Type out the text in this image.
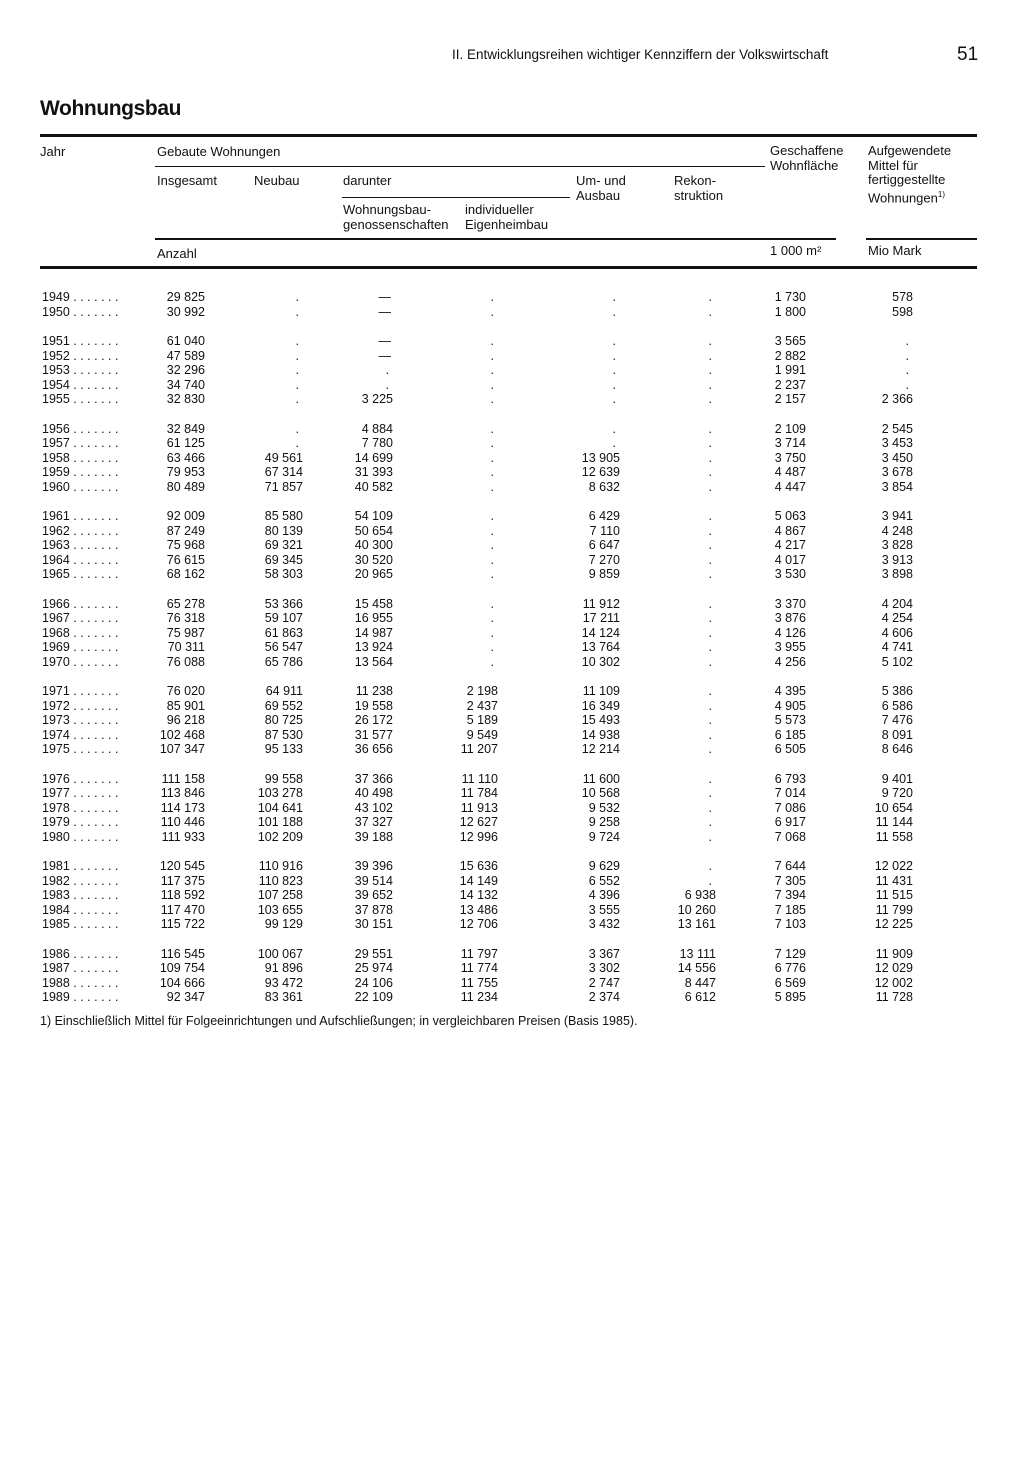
II. Entwicklungsreihen wichtiger Kennziffern der Volkswirtschaft	51
Wohnungsbau
Jahr	Gebaute Wohnungen
Insgesamt	Neubau	darunter
Wohnungsbau-
genossenschaften
individueller
Eigenheimbau
Um- und
Ausbau
Rekon-
struktion
Geschaffene
Wohnfläche
Aufgewendete
Mittel für
fertiggestellte
Wohnungen$^{1)}$
Anzahl	1 000 m²	Mio Mark
1949 . . . . . . .	29 825	.	—	.	.	.	1 730	578
1950 . . . . . . .	30 992	.	—	.	.	.	1 800	598
1951 . . . . . . .	61 040	.	—	.	.	.	3 565	.
1952 . . . . . . .	47 589	.	—	.	.	.	2 882	.
1953 . . . . . . .	32 296	.	.	.	.	.	1 991	.
1954 . . . . . . .	34 740	.	.	.	.	.	2 237	.
1955 . . . . . . .	32 830	.	3 225	.	.	.	2 157	2 366
1956 . . . . . . .	32 849	.	4 884	.	.	.	2 109	2 545
1957 . . . . . . .	61 125	.	7 780	.	.	.	3 714	3 453
1958 . . . . . . .	63 466	49 561	14 699	.	13 905	.	3 750	3 450
1959 . . . . . . .	79 953	67 314	31 393	.	12 639	.	4 487	3 678
1960 . . . . . . .	80 489	71 857	40 582	.	8 632	.	4 447	3 854
1961 . . . . . . .	92 009	85 580	54 109	.	6 429	.	5 063	3 941
1962 . . . . . . .	87 249	80 139	50 654	.	7 110	.	4 867	4 248
1963 . . . . . . .	75 968	69 321	40 300	.	6 647	.	4 217	3 828
1964 . . . . . . .	76 615	69 345	30 520	.	7 270	.	4 017	3 913
1965 . . . . . . .	68 162	58 303	20 965	.	9 859	.	3 530	3 898
1966 . . . . . . .	65 278	53 366	15 458	.	11 912	.	3 370	4 204
1967 . . . . . . .	76 318	59 107	16 955	.	17 211	.	3 876	4 254
1968 . . . . . . .	75 987	61 863	14 987	.	14 124	.	4 126	4 606
1969 . . . . . . .	70 311	56 547	13 924	.	13 764	.	3 955	4 741
1970 . . . . . . .	76 088	65 786	13 564	.	10 302	.	4 256	5 102
1971 . . . . . . .	76 020	64 911	11 238	2 198	11 109	.	4 395	5 386
1972 . . . . . . .	85 901	69 552	19 558	2 437	16 349	.	4 905	6 586
1973 . . . . . . .	96 218	80 725	26 172	5 189	15 493	.	5 573	7 476
1974 . . . . . . .	102 468	87 530	31 577	9 549	14 938	.	6 185	8 091
1975 . . . . . . .	107 347	95 133	36 656	11 207	12 214	.	6 505	8 646
1976 . . . . . . .	111 158	99 558	37 366	11 110	11 600	.	6 793	9 401
1977 . . . . . . .	113 846	103 278	40 498	11 784	10 568	.	7 014	9 720
1978 . . . . . . .	114 173	104 641	43 102	11 913	9 532	.	7 086	10 654
1979 . . . . . . .	110 446	101 188	37 327	12 627	9 258	.	6 917	11 144
1980 . . . . . . .	111 933	102 209	39 188	12 996	9 724	.	7 068	11 558
1981 . . . . . . .	120 545	110 916	39 396	15 636	9 629	.	7 644	12 022
1982 . . . . . . .	117 375	110 823	39 514	14 149	6 552	.	7 305	11 431
1983 . . . . . . .	118 592	107 258	39 652	14 132	4 396	6 938	7 394	11 515
1984 . . . . . . .	117 470	103 655	37 878	13 486	3 555	10 260	7 185	11 799
1985 . . . . . . .	115 722	99 129	30 151	12 706	3 432	13 161	7 103	12 225
1986 . . . . . . .	116 545	100 067	29 551	11 797	3 367	13 111	7 129	11 909
1987 . . . . . . .	109 754	91 896	25 974	11 774	3 302	14 556	6 776	12 029
1988 . . . . . . .	104 666	93 472	24 106	11 755	2 747	8 447	6 569	12 002
1989 . . . . . . .	92 347	83 361	22 109	11 234	2 374	6 612	5 895	11 728
1) Einschließlich Mittel für Folgeeinrichtungen und Aufschließungen; in vergleichbaren Preisen (Basis 1985).
